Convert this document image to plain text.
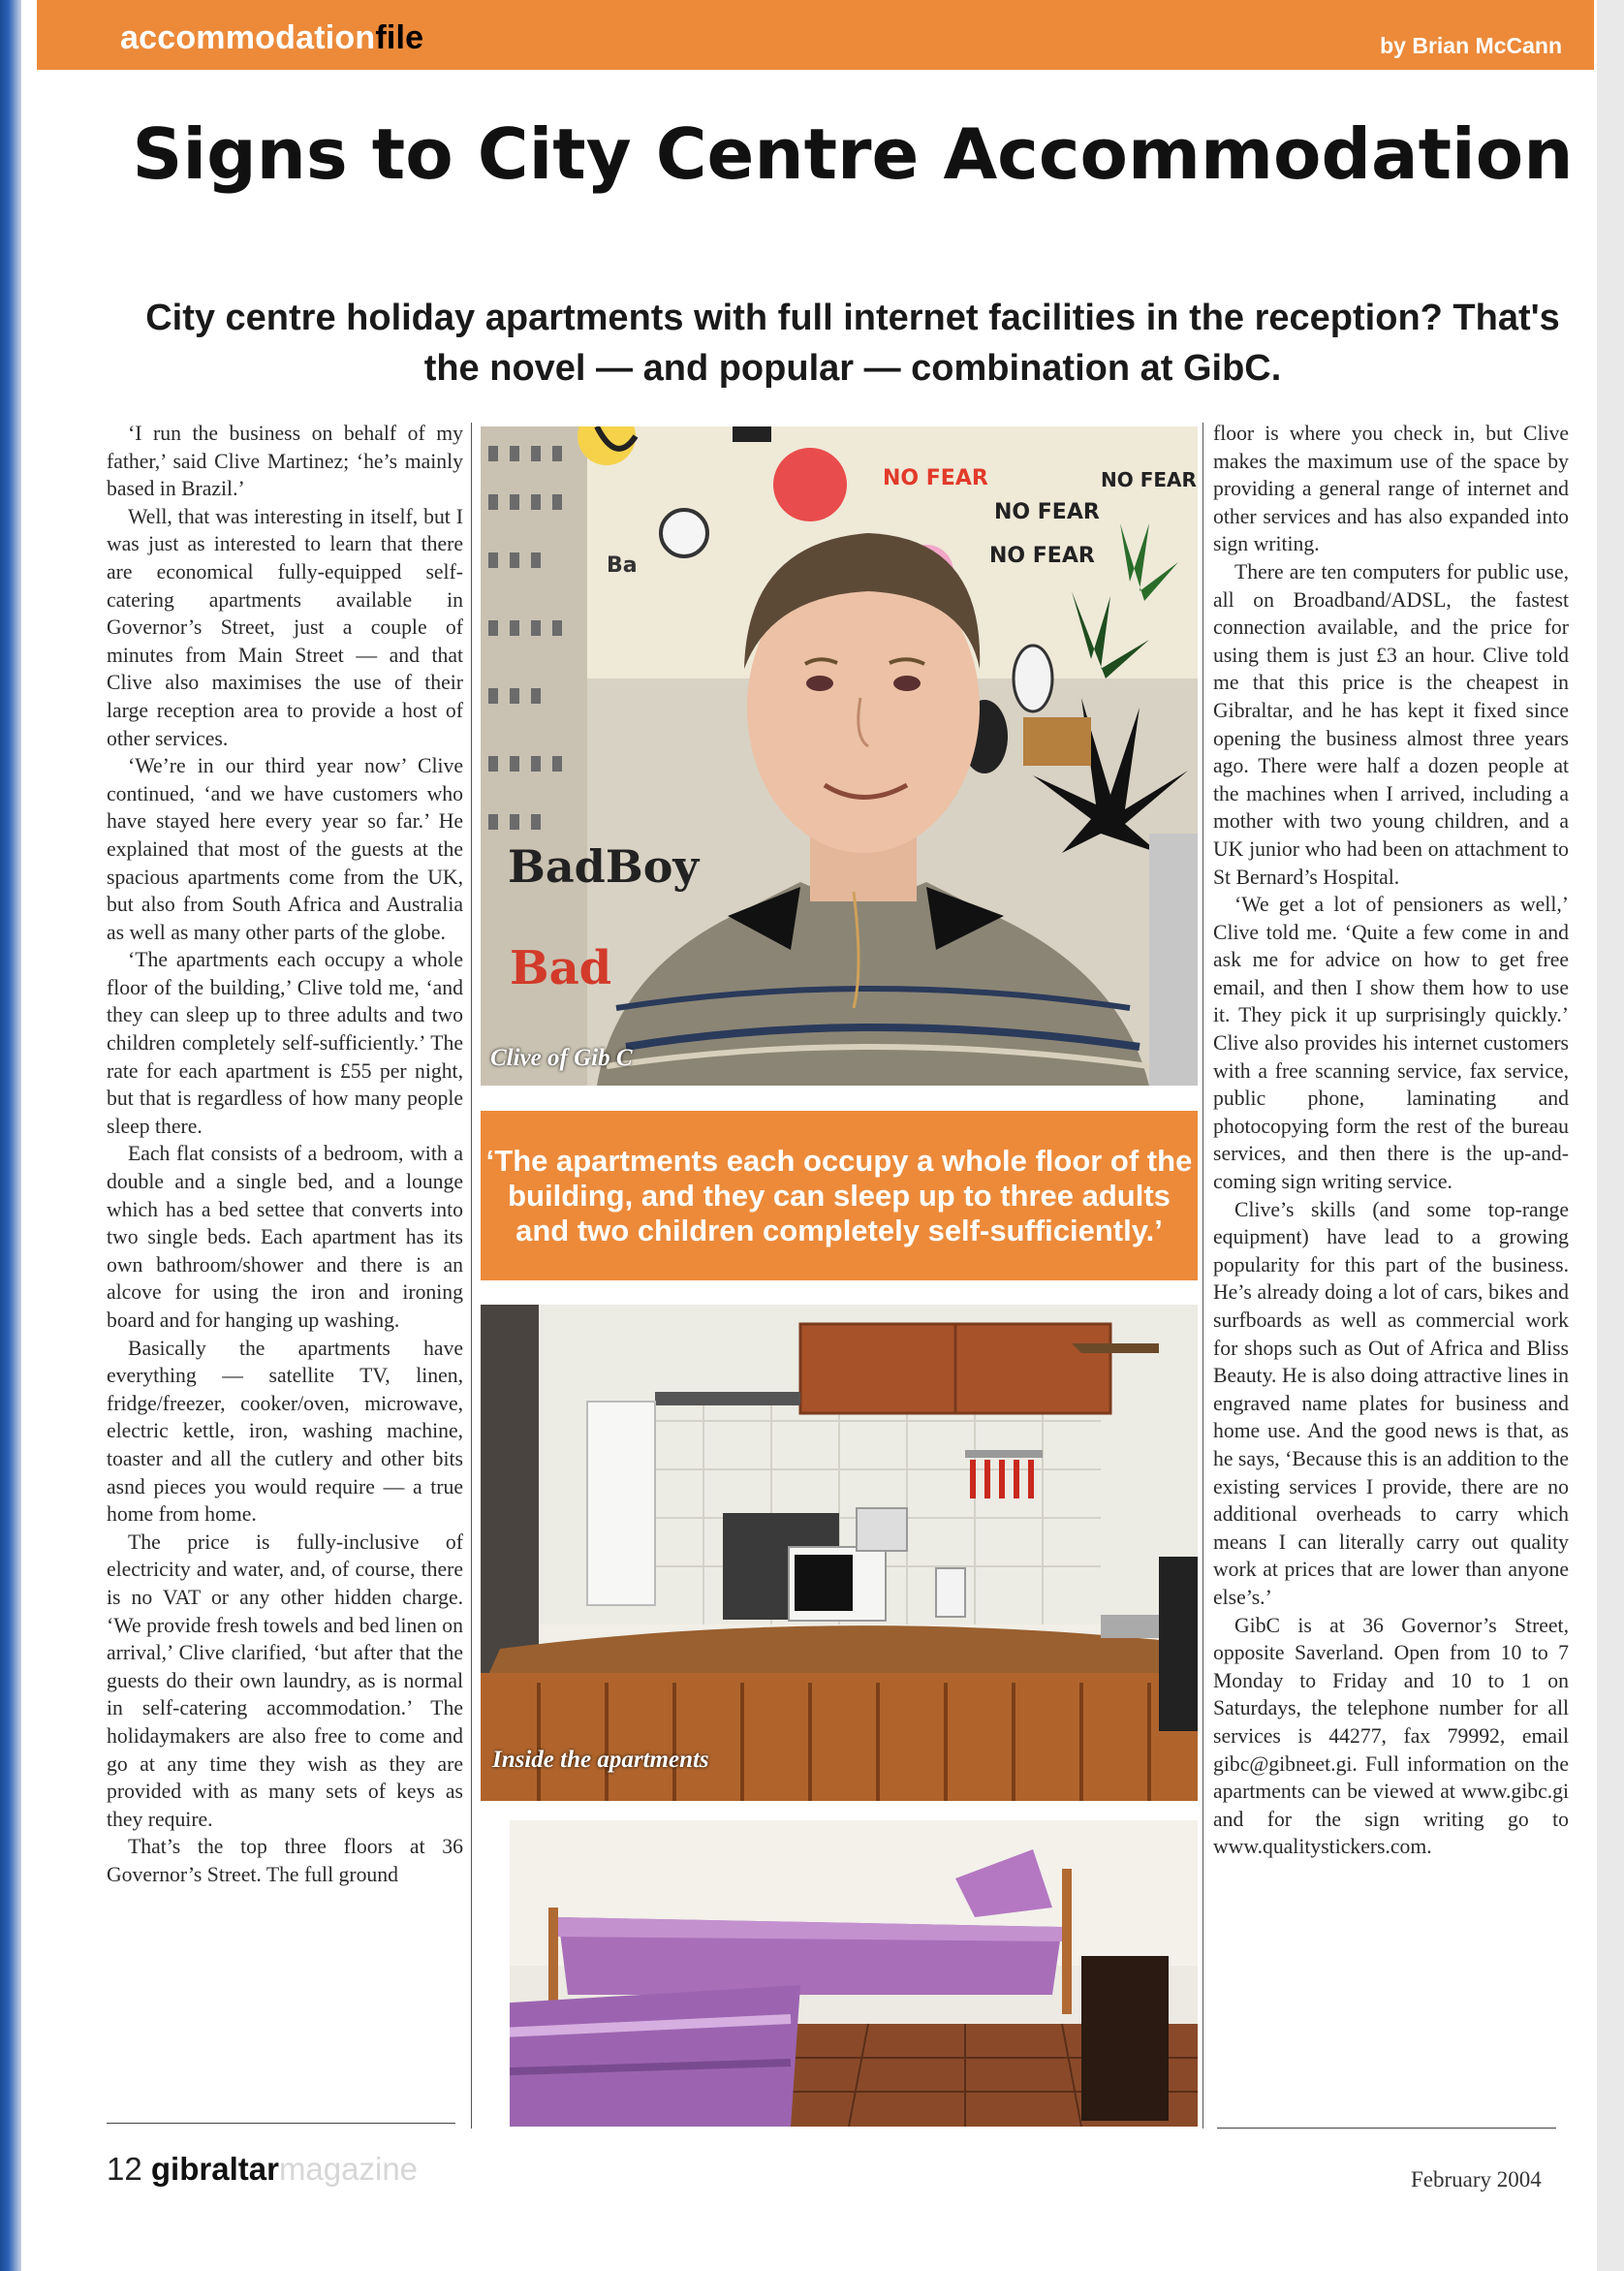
accommodationfile	by Brian McCann
Signs to City Centre Accommodation
City centre holiday apartments with full internet facilities in the reception? That's the novel — and popular — combination at GibC.

‘I run the business on behalf of my father,’ said Clive Martinez; ‘he’s mainly based in Brazil.’

Well, that was interesting in itself, but I was just as interested to learn that there are economical fully-equipped self-catering apartments available in Governor’s Street, just a couple of minutes from Main Street — and that Clive also maximises the use of their large reception area to provide a host of other services.

‘We’re in our third year now’ Clive continued, ‘and we have customers who have stayed here every year so far.’ He explained that most of the guests at the spacious apartments come from the UK, but also from South Africa and Australia as well as many other parts of the globe.

‘The apartments each occupy a whole floor of the building,’ Clive told me, ‘and they can sleep up to three adults and two children completely self-sufficiently.’ The rate for each apartment is £55 per night, but that is regardless of how many people sleep there.

Each flat consists of a bedroom, with a double and a single bed, and a lounge which has a bed settee that converts into two single beds. Each apartment has its own bathroom/shower and there is an alcove for using the iron and ironing board and for hanging up washing.

Basically the apartments have everything — satellite TV, linen, fridge/freezer, cooker/oven, microwave, electric kettle, iron, washing machine, toaster and all the cutlery and other bits asnd pieces you would require — a true home from home.

The price is fully-inclusive of electricity and water, and, of course, there is no VAT or any other hidden charge. ‘We provide fresh towels and bed linen on arrival,’ Clive clarified, ‘but after that the guests do their own laundry, as is normal in self-catering accommodation.’ The holidaymakers are also free to come and go at any time they wish as they are provided with as many sets of keys as they require.

That’s the top three floors at 36 Governor’s Street. The full ground

NO FEAR
NO FEAR
NO FEAR
NO FEAR
Ba
BadBoy
Bad
Clive of Gib C
‘The apartments each occupy a whole floor of the building, and they can sleep up to three adults and two children completely self-sufficiently.’
Inside the apartments

floor is where you check in, but Clive makes the maximum use of the space by providing a general range of internet and other services and has also expanded into sign writing.

There are ten computers for public use, all on Broadband/ADSL, the fastest connection available, and the price for using them is just £3 an hour. Clive told me that this price is the cheapest in Gibraltar, and he has kept it fixed since opening the business almost three years ago. There were half a dozen people at the machines when I arrived, including a mother with two young children, and a UK junior who had been on attachment to St Bernard’s Hospital.

‘We get a lot of pensioners as well,’ Clive told me. ‘Quite a few come in and ask me for advice on how to get free email, and then I show them how to use it. They pick it up surprisingly quickly.’ Clive also provides his internet customers with a free scanning service, fax service, public phone, laminating and photocopying form the rest of the bureau services, and then there is the up-and-coming sign writing service.

Clive’s skills (and some top-range equipment) have lead to a growing popularity for this part of the business. He’s already doing a lot of cars, bikes and surfboards as well as commercial work for shops such as Out of Africa and Bliss Beauty. He is also doing attractive lines in engraved name plates for business and home use. And the good news is that, as he says, ‘Because this is an addition to the existing services I provide, there are no additional overheads to carry which means I can literally carry out quality work at prices that are lower than anyone else’s.’

GibC is at 36 Governor’s Street, opposite Saverland. Open from 10 to 7 Monday to Friday and 10 to 1 on Saturdays, the telephone number for all services is 44277, fax 79992, email gibc@gibneet.gi. Full information on the apartments can be viewed at www.gibc.gi and for the sign writing go to www.qualitystickers.com.

12 gibraltarmagazine	February 2004
